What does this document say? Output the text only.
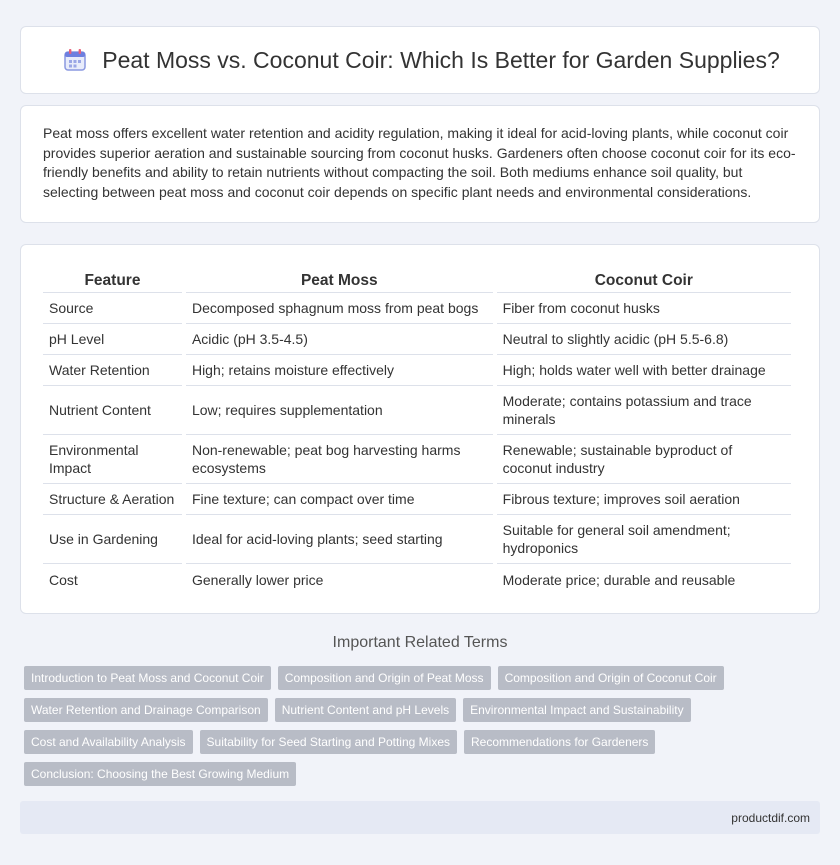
Peat Moss vs. Coconut Coir: Which Is Better for Garden Supplies?

Peat moss offers excellent water retention and acidity regulation, making it ideal for acid-loving plants, while coconut coir provides superior aeration and sustainable sourcing from coconut husks. Gardeners often choose coconut coir for its eco-friendly benefits and ability to retain nutrients without compacting the soil. Both mediums enhance soil quality, but selecting between peat moss and coconut coir depends on specific plant needs and environmental considerations.

Feature	Peat Moss	Coconut Coir
Source	Decomposed sphagnum moss from peat bogs	Fiber from coconut husks
pH Level	Acidic (pH 3.5-4.5)	Neutral to slightly acidic (pH 5.5-6.8)
Water Retention	High; retains moisture effectively	High; holds water well with better drainage
Nutrient Content	Low; requires supplementation	Moderate; contains potassium and trace minerals
Environmental Impact	Non-renewable; peat bog harvesting harms ecosystems	Renewable; sustainable byproduct of coconut industry
Structure & Aeration	Fine texture; can compact over time	Fibrous texture; improves soil aeration
Use in Gardening	Ideal for acid-loving plants; seed starting	Suitable for general soil amendment; hydroponics
Cost	Generally lower price	Moderate price; durable and reusable
Important Related Terms
Introduction to Peat Moss and Coconut Coir	Composition and Origin of Peat Moss	Composition and Origin of Coconut Coir
Water Retention and Drainage Comparison	Nutrient Content and pH Levels	Environmental Impact and Sustainability
Cost and Availability Analysis	Suitability for Seed Starting and Potting Mixes	Recommendations for Gardeners
Conclusion: Choosing the Best Growing Medium
productdif.com
